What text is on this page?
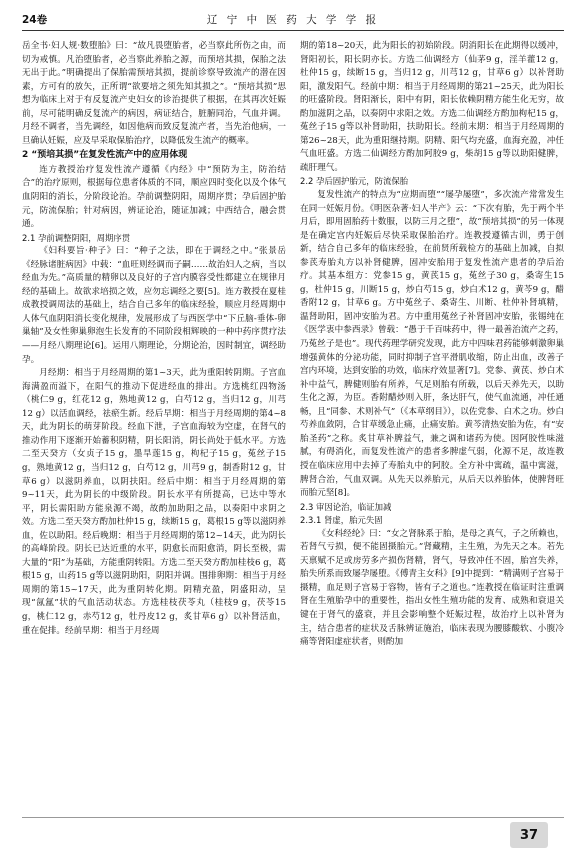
24卷	辽 宁 中 医 药 大 学 学 报

岳全书·妇人规·数堕胎》曰：“故凡畏堕胎者，必当察此所伤之由，而切为戒慎。凡治堕胎者，必当察此养胎之源，而预培其损，保胎之法无出于此。”明确提出了保胎需预培其损，提前诊察导致流产的潜在因素，方可有的放矢，正所谓“欲要培之须先知其损之”。“预培其损”思想为临床上对于有反复流产史妇女的诊治提供了根据，在其再次妊娠前，尽可能明确反复流产的病因，病证结合，脏腑同治，气血并调。月经不调者，当先调经，如因他病而致反复流产者，当先治他病，一旦确认妊娠，应及早采取保胎治疗，以降低发生流产的概率。

2 “预培其损”在复发性流产中的应用体现

连方教授治疗复发性流产遵循《内经》中“预防为主，防治结合”的治疗原则，根据每位患者体质的不同，顺应四时变化以及个体气血阴阳的消长，分阶段论治。孕前调整阴阳，周期序贯；孕后固护胎元，防流保胎；针对病因，辨证论治，随证加减；中西结合，融会贯通。

2.1 孕前调整阴阳，周期序贯

《妇科要旨·种子》曰：“种子之法，即在于调经之中。”张景岳《经脉诸脏病因》中载：“血旺则经调而子嗣……故治妇人之病，当以经血为先。”高质量的精卵以及良好的子宫内膜容受性都建立在规律月经的基础上。故欲求培损之效，应勿忘调经之要[5]。连方教授在夏桂成教授调周法的基础上，结合自己多年的临床经验，顺应月经周期中人体气血阴阳消长变化规律，发展形成了与西医学中“下丘脑-垂体-卵巢轴”及女性卵巢卵泡生长发育的不同阶段相辉映的一种中药序贯疗法——月经八期理论[6]。运用八期理论，分期论治，因时制宜，调经助孕。

月经期：相当于月经周期的第1~3天，此为重阳转阴期。子宫血海满盈而溢下，在阳气的推动下促进经血的排出。方选桃红四物汤（桃仁9 g，红花12 g，熟地黄12 g，白芍12 g，当归12 g，川芎12 g）以活血调经，祛瘀生新。经后早期：相当于月经周期的第4~8天，此为阴长的萌芽阶段。经血下泄，子宫血海较为空虚，在肾气的推动作用下逐渐开始蓄积阴精，阴长阳消，阴长尚处于低水平。方选二至天癸方（女贞子15 g，墨旱莲15 g，枸杞子15 g，菟丝子15 g，熟地黄12 g，当归12 g，白芍12 g，川芎9 g，制香附12 g，甘草6 g）以滋阴养血，以阴扶阳。经后中期：相当于月经周期的第9~11天，此为阴长的中级阶段。阴长水平有所提高，已达中等水平，阴长需阳助方能泉源不竭，故酌加助阳之品，以奏阳中求阴之效。方选二至天癸方酌加杜仲15 g，续断15 g，葛根15 g等以滋阴养血，佐以助阳。经后晚期：相当于月经周期的第12~14天，此为阴长的高峰阶段。阴长已达近重的水平，阴愈长而阳愈消，阴长至极，需大量的“阳”为基础，方能重阴转阳。方选二至天癸方酌加桂枝6 g，葛根15 g，山药15 g等以滋阴助阳，阴阳并调。围排卵期：相当于月经周期的第15~17天，此为重阴转化期。阴精充盈，阴盛阳动，呈现“氤氲”状的气血活动状态。方选桂枝茯苓丸（桂枝9 g，茯苓15 g，桃仁12 g，赤芍12 g，牡丹皮12 g，炙甘草6 g）以补肾活血，重在促排。经前早期：相当于月经周

期的第18~20天，此为阳长的初始阶段。阴消阳长在此期得以缓冲，肾阳初长，阳长阴亦长。方选二仙调经方（仙茅9 g，淫羊藿12 g，杜仲15 g，续断15 g，当归12 g，川芎12 g，甘草6 g）以补肾助阳，激发阳气。经前中期：相当于月经周期的第21~25天，此为阳长的旺盛阶段。肾阳渐长，阳中有阴，阳长依赖阴精方能生化无穷，故酌加滋阴之品，以奏阴中求阳之效。方选二仙调经方酌加枸杞15 g，菟丝子15 g等以补肾助阳，扶助阳长。经前末期：相当于月经周期的第26~28天，此为重阳继持期。阴精、阳气均充盛，血海充盈，冲任气血旺盛。方选二仙调经方酌加阿胶9 g，柴胡15 g等以助阳健脾，疏肝理气。

2.2 孕后固护胎元，防流保胎

复发性流产的特点为“应期而堕”“屡孕屡堕”，多次流产常常发生在同一妊娠月份。《明医杂著·妇人半产》云：“下次有胎，先于两个半月后，即用固胎药十数服，以防三月之堕”，故“预培其损”的另一体现是在确定宫内妊娠后尽快采取保胎治疗。连教授遵循古训，勇于创新，结合自己多年的临床经验，在前贤所载检方的基础上加减，自拟参芪寿胎丸方以补肾健脾，固冲安胎用于复发性流产患者的孕后治疗。其基本组方：党参15 g，黄芪15 g，菟丝子30 g，桑寄生15 g，杜仲15 g，川断15 g，炒白芍15 g，炒白术12 g，黄芩9 g，醋香附12 g，甘草6 g。方中菟丝子、桑寄生、川断、杜仲补肾填精，温肾助阳，固冲安胎为君。方中重用菟丝子补肾固冲安胎，张锡纯在《医学衷中参西录》曾载：“愚于千百味药中，得一最善治流产之药，乃菟丝子是也”。现代药理学研究发现，此方中四味君药能够刺激卵巢增强黄体的分泌功能，同时抑制子宫平滑肌收缩，防止出血，改善子宫内环境，达到安胎的功效，临床疗效显著[7]。党参、黄芪、炒白术补中益气，脾健则胎有所养，气足则胎有所载，以后天养先天，以助生化之源，为臣。香附醋炒则入肝，条达肝气，使气血流通，冲任通畅，且“同参、术则补气”（《本草纲目》），以佐党参、白术之功。炒白芍养血敛阴，合甘草缓急止痛，止痛安胎。黄芩清热安胎为佐，有“安胎圣药”之称。炙甘草补脾益气，兼之调和诸药为使。因阿胶性味滋腻，有碍消化，而复发性流产的患者多脾虚气弱，化源不足，故连教授在临床应用中去掉了寿胎丸中的阿胶。全方补中寓疏，温中寓滋，脾肾合治，气血双调。从先天以养胎元，从后天以养胎体，使脾肾旺而胎元坚[8]。

2.3 审因论治，临证加减
2.3.1 肾虚，胎元失固

《女科经纶》曰：“女之肾脉系于胎，是母之真气，子之所赖也，若肾气亏损，便不能固摄胎元。”肾藏精，主生殖，为先天之本。若先天禀赋不足或房劳多产损伤肾精，肾气，导致冲任不固，胎宫失养，胎失所系而致屡孕屡堕。《傅青主女科》[9]中提到：“精满则子宫易于摄精，血足则子宫易于容物，皆有子之道也。”连教授在临证时注重调肾在生殖胎孕中的重要性，指出女性生殖功能的发育、成熟和衰退关键在于肾气的盛衰，并且会影响整个妊娠过程，故治疗上以补肾为主，结合患者的症状及舌脉辨证施治，临床表现为腰膝酸软、小腹冷痛等肾阳虚症状者，则酌加

37
